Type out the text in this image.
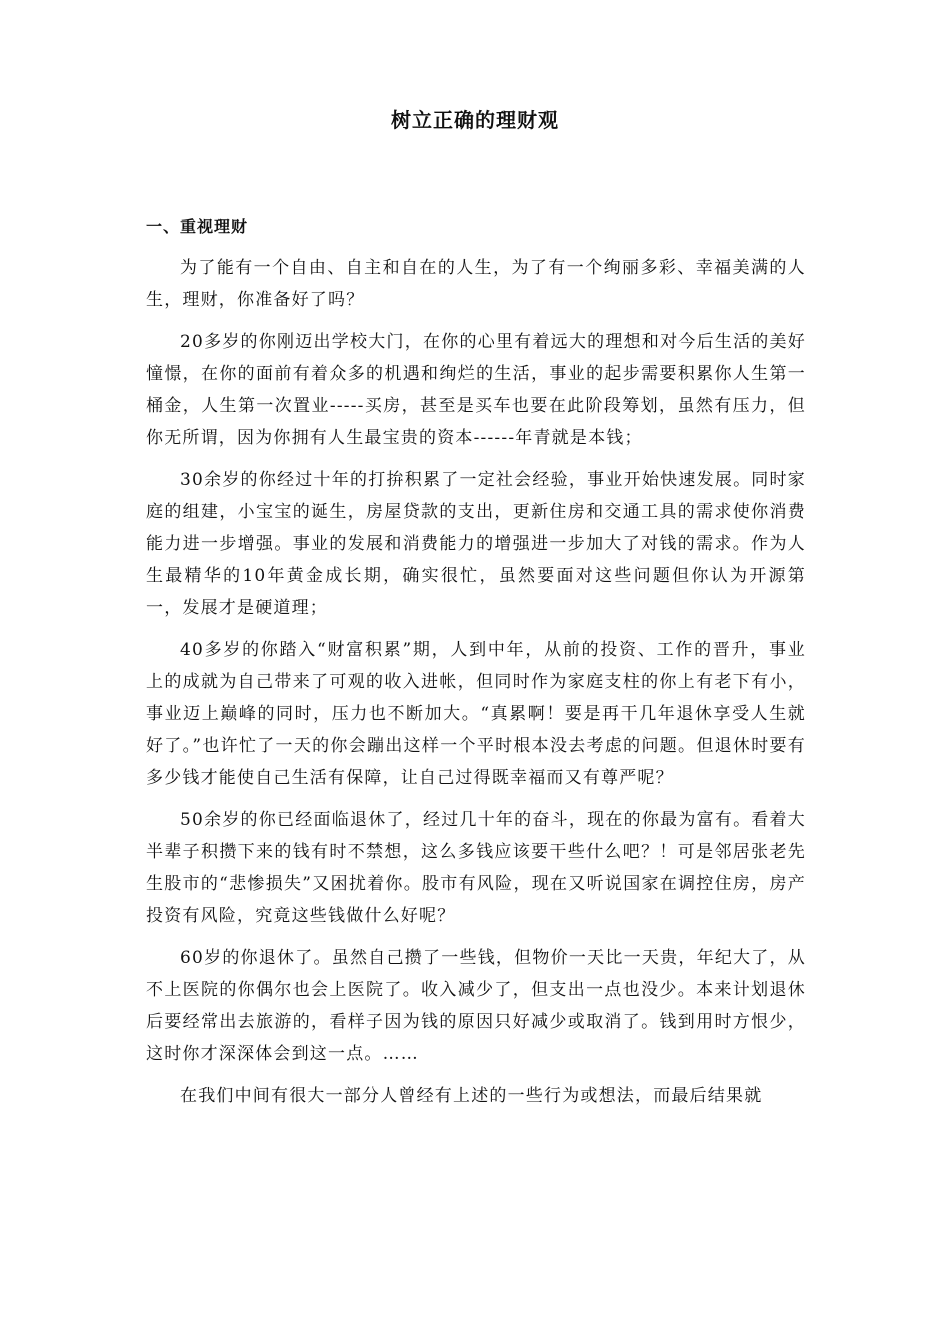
树立正确的理财观
一、重视理财

为了能有一个自由、自主和自在的人生，为了有一个绚丽多彩、幸福美满的人生，理财，你准备好了吗？

20多岁的你刚迈出学校大门，在你的心里有着远大的理想和对今后生活的美好憧憬，在你的面前有着众多的机遇和绚烂的生活，事业的起步需要积累你人生第一桶金，人生第一次置业-----买房，甚至是买车也要在此阶段筹划，虽然有压力，但你无所谓，因为你拥有人生最宝贵的资本------年青就是本钱；

30余岁的你经过十年的打拚积累了一定社会经验，事业开始快速发展。同时家庭的组建，小宝宝的诞生，房屋贷款的支出，更新住房和交通工具的需求使你消费能力进一步增强。事业的发展和消费能力的增强进一步加大了对钱的需求。作为人生最精华的10年黄金成长期，确实很忙，虽然要面对这些问题但你认为开源第一，发展才是硬道理；

40多岁的你踏入“财富积累”期，人到中年，从前的投资、工作的晋升，事业上的成就为自己带来了可观的收入进帐，但同时作为家庭支柱的你上有老下有小，事业迈上巅峰的同时，压力也不断加大。“真累啊！要是再干几年退休享受人生就好了。”也许忙了一天的你会蹦出这样一个平时根本没去考虑的问题。但退休时要有多少钱才能使自己生活有保障，让自己过得既幸福而又有尊严呢？

50余岁的你已经面临退休了，经过几十年的奋斗，现在的你最为富有。看着大半辈子积攒下来的钱有时不禁想，这么多钱应该要干些什么吧？！可是邻居张老先生股市的“悲惨损失”又困扰着你。股市有风险，现在又听说国家在调控住房，房产投资有风险，究竟这些钱做什么好呢？

60岁的你退休了。虽然自己攒了一些钱，但物价一天比一天贵，年纪大了，从不上医院的你偶尔也会上医院了。收入减少了，但支出一点也没少。本来计划退休后要经常出去旅游的，看样子因为钱的原因只好减少或取消了。钱到用时方恨少，这时你才深深体会到这一点。……

在我们中间有很大一部分人曾经有上述的一些行为或想法，而最后结果就
